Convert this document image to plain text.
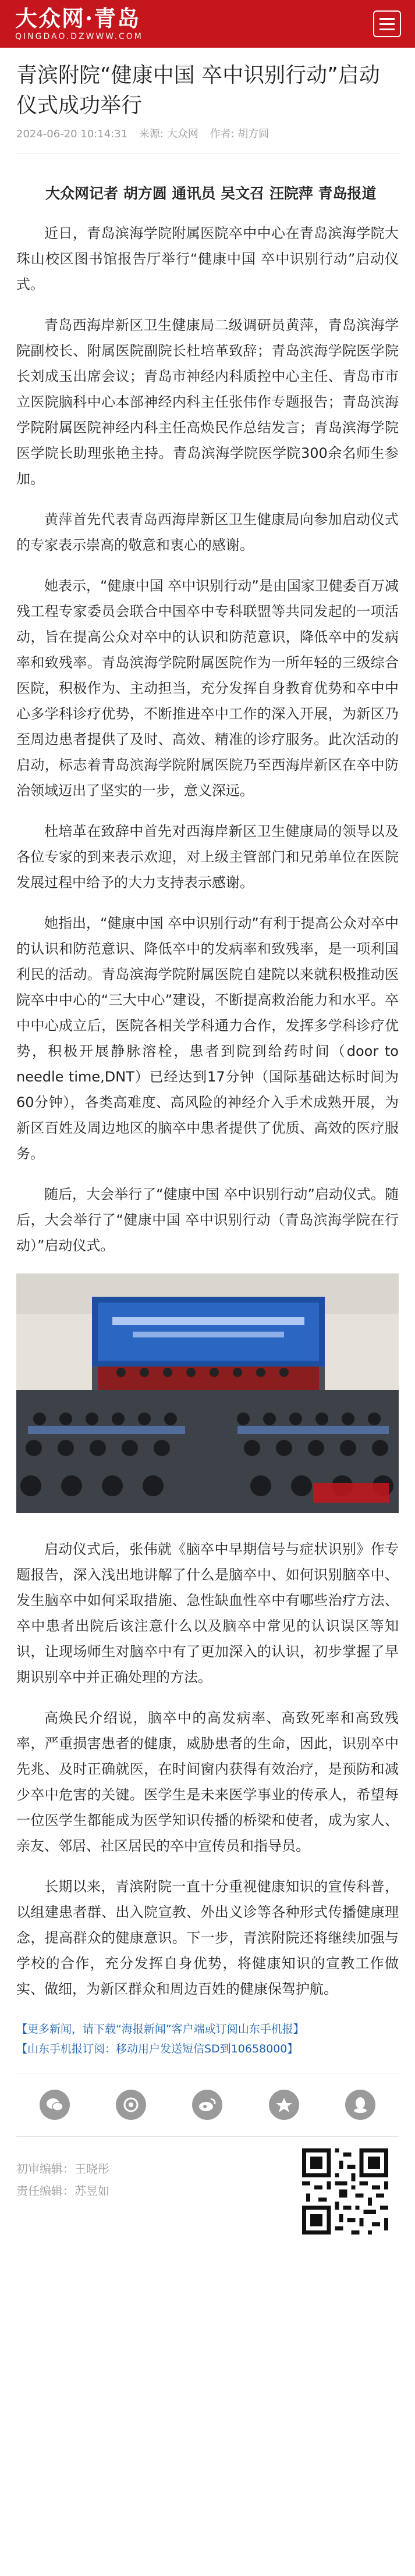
大众网·青岛
QINGDAO.DZWWW.COM
青滨附院“健康中国 卒中识别行动”启动仪式成功举行
2024-06-20 10:14:31 来源: 大众网 作者: 胡方圆

大众网记者 胡方圆 通讯员 吴文召 汪院萍 青岛报道

近日，青岛滨海学院附属医院卒中中心在青岛滨海学院大珠山校区图书馆报告厅举行“健康中国 卒中识别行动”启动仪式。

青岛西海岸新区卫生健康局二级调研员黄萍，青岛滨海学院副校长、附属医院副院长杜培革致辞；青岛滨海学院医学院长刘成玉出席会议；青岛市神经内科质控中心主任、青岛市市立医院脑科中心本部神经内科主任张伟作专题报告；青岛滨海学院附属医院神经内科主任高焕民作总结发言；青岛滨海学院医学院长助理张艳主持。青岛滨海学院医学院300余名师生参加。

黄萍首先代表青岛西海岸新区卫生健康局向参加启动仪式的专家表示崇高的敬意和衷心的感谢。

她表示，“健康中国 卒中识别行动”是由国家卫健委百万减残工程专家委员会联合中国卒中专科联盟等共同发起的一项活动，旨在提高公众对卒中的认识和防范意识，降低卒中的发病率和致残率。青岛滨海学院附属医院作为一所年轻的三级综合医院，积极作为、主动担当，充分发挥自身教育优势和卒中中心多学科诊疗优势，不断推进卒中工作的深入开展，为新区乃至周边患者提供了及时、高效、精准的诊疗服务。此次活动的启动，标志着青岛滨海学院附属医院乃至西海岸新区在卒中防治领域迈出了坚实的一步，意义深远。

杜培革在致辞中首先对西海岸新区卫生健康局的领导以及各位专家的到来表示欢迎，对上级主管部门和兄弟单位在医院发展过程中给予的大力支持表示感谢。

她指出，“健康中国 卒中识别行动”有利于提高公众对卒中的认识和防范意识、降低卒中的发病率和致残率，是一项利国利民的活动。青岛滨海学院附属医院自建院以来就积极推动医院卒中中心的“三大中心”建设，不断提高救治能力和水平。卒中中心成立后，医院各相关学科通力合作，发挥多学科诊疗优势，积极开展静脉溶栓，患者到院到给药时间（door to needle time,DNT）已经达到17分钟（国际基础达标时间为60分钟），各类高难度、高风险的神经介入手术成熟开展，为新区百姓及周边地区的脑卒中患者提供了优质、高效的医疗服务。

随后，大会举行了“健康中国 卒中识别行动”启动仪式。随后，大会举行了“健康中国 卒中识别行动（青岛滨海学院在行动）”启动仪式。

启动仪式后，张伟就《脑卒中早期信号与症状识别》作专题报告，深入浅出地讲解了什么是脑卒中、如何识别脑卒中、发生脑卒中如何采取措施、急性缺血性卒中有哪些治疗方法、卒中患者出院后该注意什么以及脑卒中常见的认识误区等知识，让现场师生对脑卒中有了更加深入的认识，初步掌握了早期识别卒中并正确处理的方法。

高焕民介绍说，脑卒中的高发病率、高致死率和高致残率，严重损害患者的健康，威胁患者的生命，因此，识别卒中先兆、及时正确就医，在时间窗内获得有效治疗，是预防和减少卒中危害的关键。医学生是未来医学事业的传承人，希望每一位医学生都能成为医学知识传播的桥梁和使者，成为家人、亲友、邻居、社区居民的卒中宣传员和指导员。

长期以来，青滨附院一直十分重视健康知识的宣传科普，以组建患者群、出入院宣教、外出义诊等各种形式传播健康理念，提高群众的健康意识。下一步，青滨附院还将继续加强与学校的合作，充分发挥自身优势，将健康知识的宣教工作做实、做细，为新区群众和周边百姓的健康保驾护航。

【更多新闻，请下载“海报新闻”客户端或订阅山东手机报】
【山东手机报订阅：移动用户发送短信SD到10658000】
初审编辑：王晓彤
责任编辑：苏昱如
